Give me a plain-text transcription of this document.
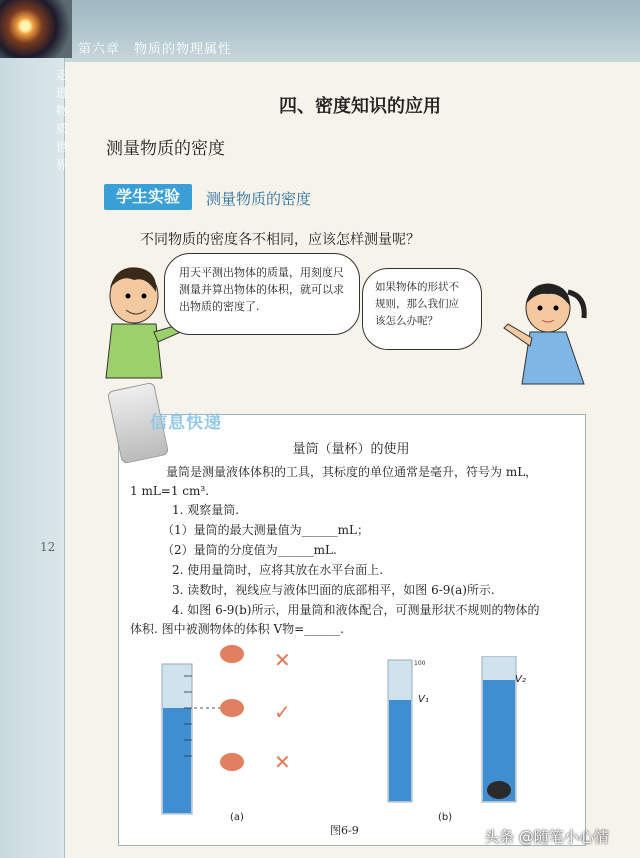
第六章　物质的物理属性
走进物质世界
12
四、密度知识的应用
测量物质的密度
学生实验	测量物质的密度
不同物质的密度各不相同，应该怎样测量呢？
用天平测出物体的质量，用刻度尺测量并算出物体的体积，就可以求出物质的密度了.
如果物体的形状不规则，那么我们应该怎么办呢？
信息快递
量筒（量杯）的使用
量筒是测量液体体积的工具，其标度的单位通常是毫升，符号为 mL，
1 mL=1 cm³.
1. 观察量筒.
（1）量筒的最大测量值为______mL；
（2）量筒的分度值为______mL.
2. 使用量筒时，应将其放在水平台面上.
3. 读数时，视线应与液体凹面的底部相平，如图 6-9(a)所示.
4. 如图 6-9(b)所示，用量筒和液体配合，可测量形状不规则的物体的
体积. 图中被测物体的体积 V物=______.
✕
✓
✕
V₁
V₂
100
(a)	(b)
图6-9	头条 @随笔小心情
